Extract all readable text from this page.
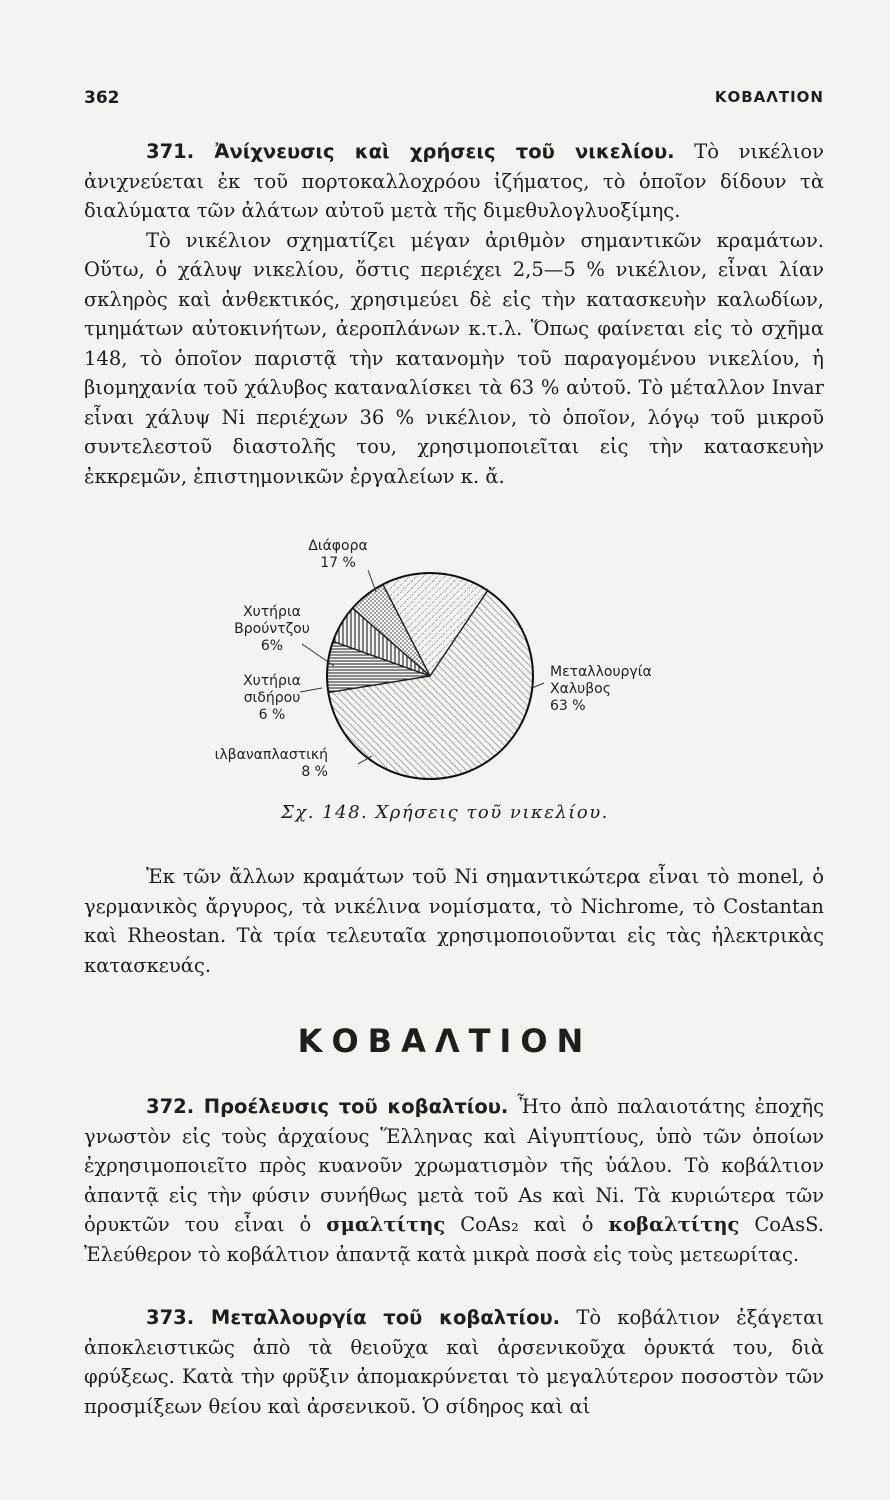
362	ΚΟΒΑΛΤΙΟΝ

371. Ἀνίχνευσις καὶ χρήσεις τοῦ νικελίου. Τὸ νικέλιον ἀνιχνεύεται ἐκ τοῦ πορτοκαλλοχρόου ἰζήματος, τὸ ὁποῖον δίδουν τὰ διαλύματα τῶν ἀλάτων αὐτοῦ μετὰ τῆς διμεθυλογλυοξίμης.

Τὸ νικέλιον σχηματίζει μέγαν ἀριθμὸν σημαντικῶν κραμάτων. Οὕτω, ὁ χάλυψ νικελίου, ὅστις περιέχει 2,5—5 % νικέλιον, εἶναι λίαν σκληρὸς καὶ ἀνθεκτικός, χρησιμεύει δὲ εἰς τὴν κατασκευὴν καλωδίων, τμημάτων αὐτοκινήτων, ἀεροπλάνων κ.τ.λ. Ὅπως φαίνεται εἰς τὸ σχῆμα 148, τὸ ὁποῖον παριστᾷ τὴν κατανομὴν τοῦ παραγομένου νικελίου, ἡ βιομηχανία τοῦ χάλυβος καταναλίσκει τὰ 63 % αὐτοῦ. Τὸ μέταλλον Invar εἶναι χάλυψ Ni περιέχων 36 % νικέλιον, τὸ ὁποῖον, λόγῳ τοῦ μικροῦ συντελεστοῦ διαστολῆς του, χρησιμοποιεῖται εἰς τὴν κατασκευὴν ἐκκρεμῶν, ἐπιστημονικῶν ἐργαλείων κ. ἄ.

Μεταλλουργία Χαλυβος 63 %
ιλβαναπλαστική 8 %
Χυτήρια σιδήρου 6 %
Χυτήρια Βρούντζου 6%
Διάφορα 17 %
Σχ. 148. Χρήσεις τοῦ νικελίου.

Ἐκ τῶν ἄλλων κραμάτων τοῦ Ni σημαντικώτερα εἶναι τὸ monel, ὁ γερμανικὸς ἄργυρος, τὰ νικέλινα νομίσματα, τὸ Nichrome, τὸ Costantan καὶ Rheostan. Τὰ τρία τελευταῖα χρησιμοποιοῦνται εἰς τὰς ἠλεκτρικὰς κατασκευάς.

ΚΟΒΑΛΤΙΟΝ

372. Προέλευσις τοῦ κοβαλτίου. Ἦτο ἀπὸ παλαιοτάτης ἐποχῆς γνωστὸν εἰς τοὺς ἀρχαίους Ἕλληνας καὶ Αἰγυπτίους, ὑπὸ τῶν ὁποίων ἐχρησιμοποιεῖτο πρὸς κυανοῦν χρωματισμὸν τῆς ὑάλου. Τὸ κοβάλτιον ἀπαντᾷ εἰς τὴν φύσιν συνήθως μετὰ τοῦ As καὶ Ni. Τὰ κυριώτερα τῶν ὀρυκτῶν του εἶναι ὁ σμαλτίτης CoAs₂ καὶ ὁ κοβαλτίτης CoAsS. Ἐλεύθερον τὸ κοβάλτιον ἀπαντᾷ κατὰ μικρὰ ποσὰ εἰς τοὺς μετεωρίτας.

373. Μεταλλουργία τοῦ κοβαλτίου. Τὸ κοβάλτιον ἐξάγεται ἀποκλειστικῶς ἀπὸ τὰ θειοῦχα καὶ ἀρσενικοῦχα ὀρυκτά του, διὰ φρύξεως. Κατὰ τὴν φρῦξιν ἀπομακρύνεται τὸ μεγαλύτερον ποσοστὸν τῶν προσμίξεων θείου καὶ ἀρσενικοῦ. Ὁ σίδηρος καὶ αἱ
